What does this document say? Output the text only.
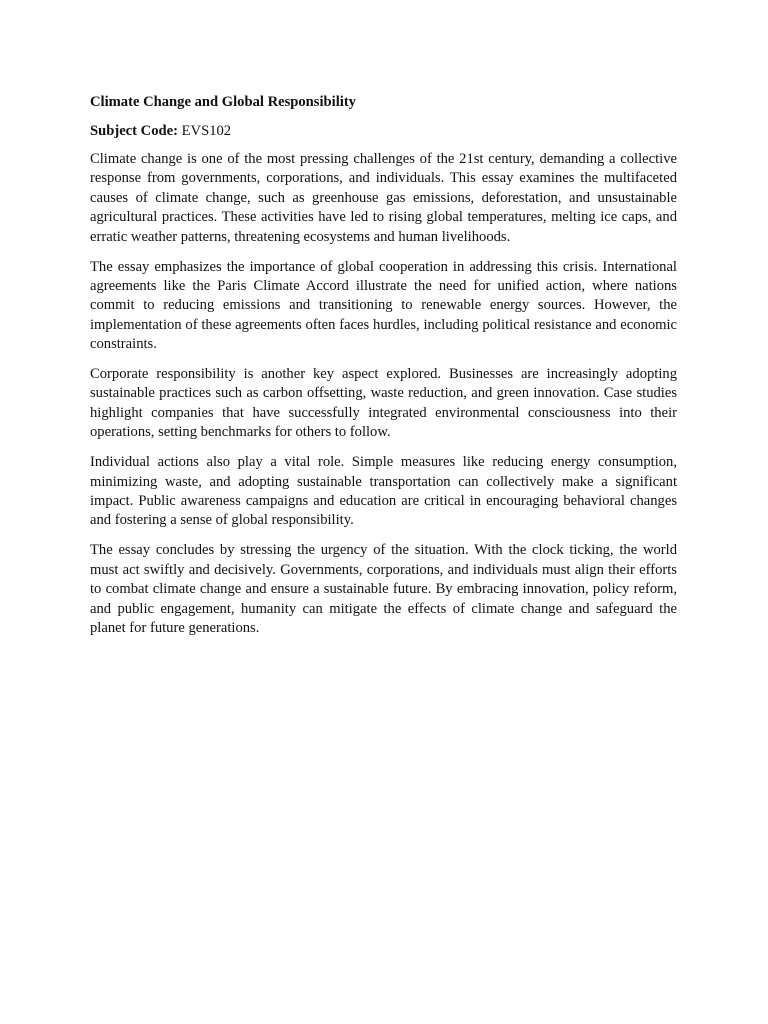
Climate Change and Global Responsibility
Subject Code: EVS102

Climate change is one of the most pressing challenges of the 21st century, demanding a collective response from governments, corporations, and individuals. This essay examines the multifaceted causes of climate change, such as greenhouse gas emissions, deforestation, and unsustainable agricultural practices. These activities have led to rising global temperatures, melting ice caps, and erratic weather patterns, threatening ecosystems and human livelihoods.

The essay emphasizes the importance of global cooperation in addressing this crisis. International agreements like the Paris Climate Accord illustrate the need for unified action, where nations commit to reducing emissions and transitioning to renewable energy sources. However, the implementation of these agreements often faces hurdles, including political resistance and economic constraints.

Corporate responsibility is another key aspect explored. Businesses are increasingly adopting sustainable practices such as carbon offsetting, waste reduction, and green innovation. Case studies highlight companies that have successfully integrated environmental consciousness into their operations, setting benchmarks for others to follow.

Individual actions also play a vital role. Simple measures like reducing energy consumption, minimizing waste, and adopting sustainable transportation can collectively make a significant impact. Public awareness campaigns and education are critical in encouraging behavioral changes and fostering a sense of global responsibility.

The essay concludes by stressing the urgency of the situation. With the clock ticking, the world must act swiftly and decisively. Governments, corporations, and individuals must align their efforts to combat climate change and ensure a sustainable future. By embracing innovation, policy reform, and public engagement, humanity can mitigate the effects of climate change and safeguard the planet for future generations.
